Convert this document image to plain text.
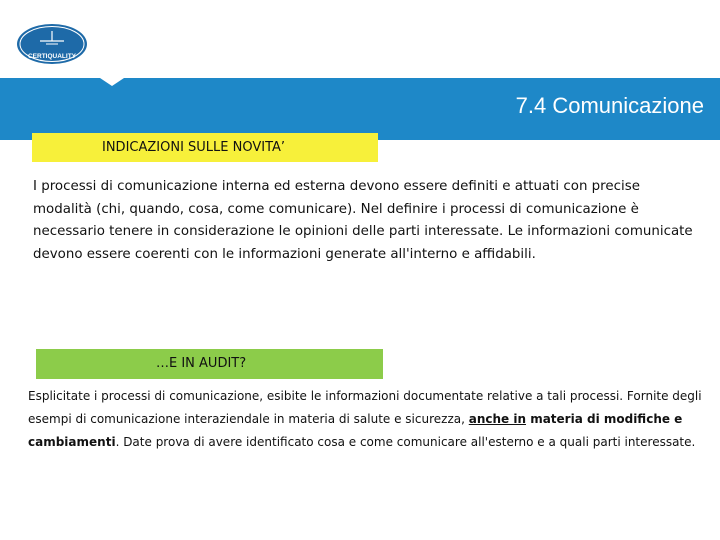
CERTIQUALITY
7.4 Comunicazione
INDICAZIONI SULLE NOVITA’
I processi di comunicazione interna ed esterna devono essere definiti e attuati con precise modalità (chi, quando, cosa, come comunicare). Nel definire i processi di comunicazione è necessario tenere in considerazione le opinioni delle parti interessate. Le informazioni comunicate devono essere coerenti con le informazioni generate all'interno e affidabili.
…E IN AUDIT?
Esplicitate i processi di comunicazione, esibite le informazioni documentate relative a tali processi. Fornite degli esempi di comunicazione interaziendale in materia di salute e sicurezza, anche in materia di modifiche e cambiamenti. Date prova di avere identificato cosa e come comunicare all'esterno e a quali parti interessate.
